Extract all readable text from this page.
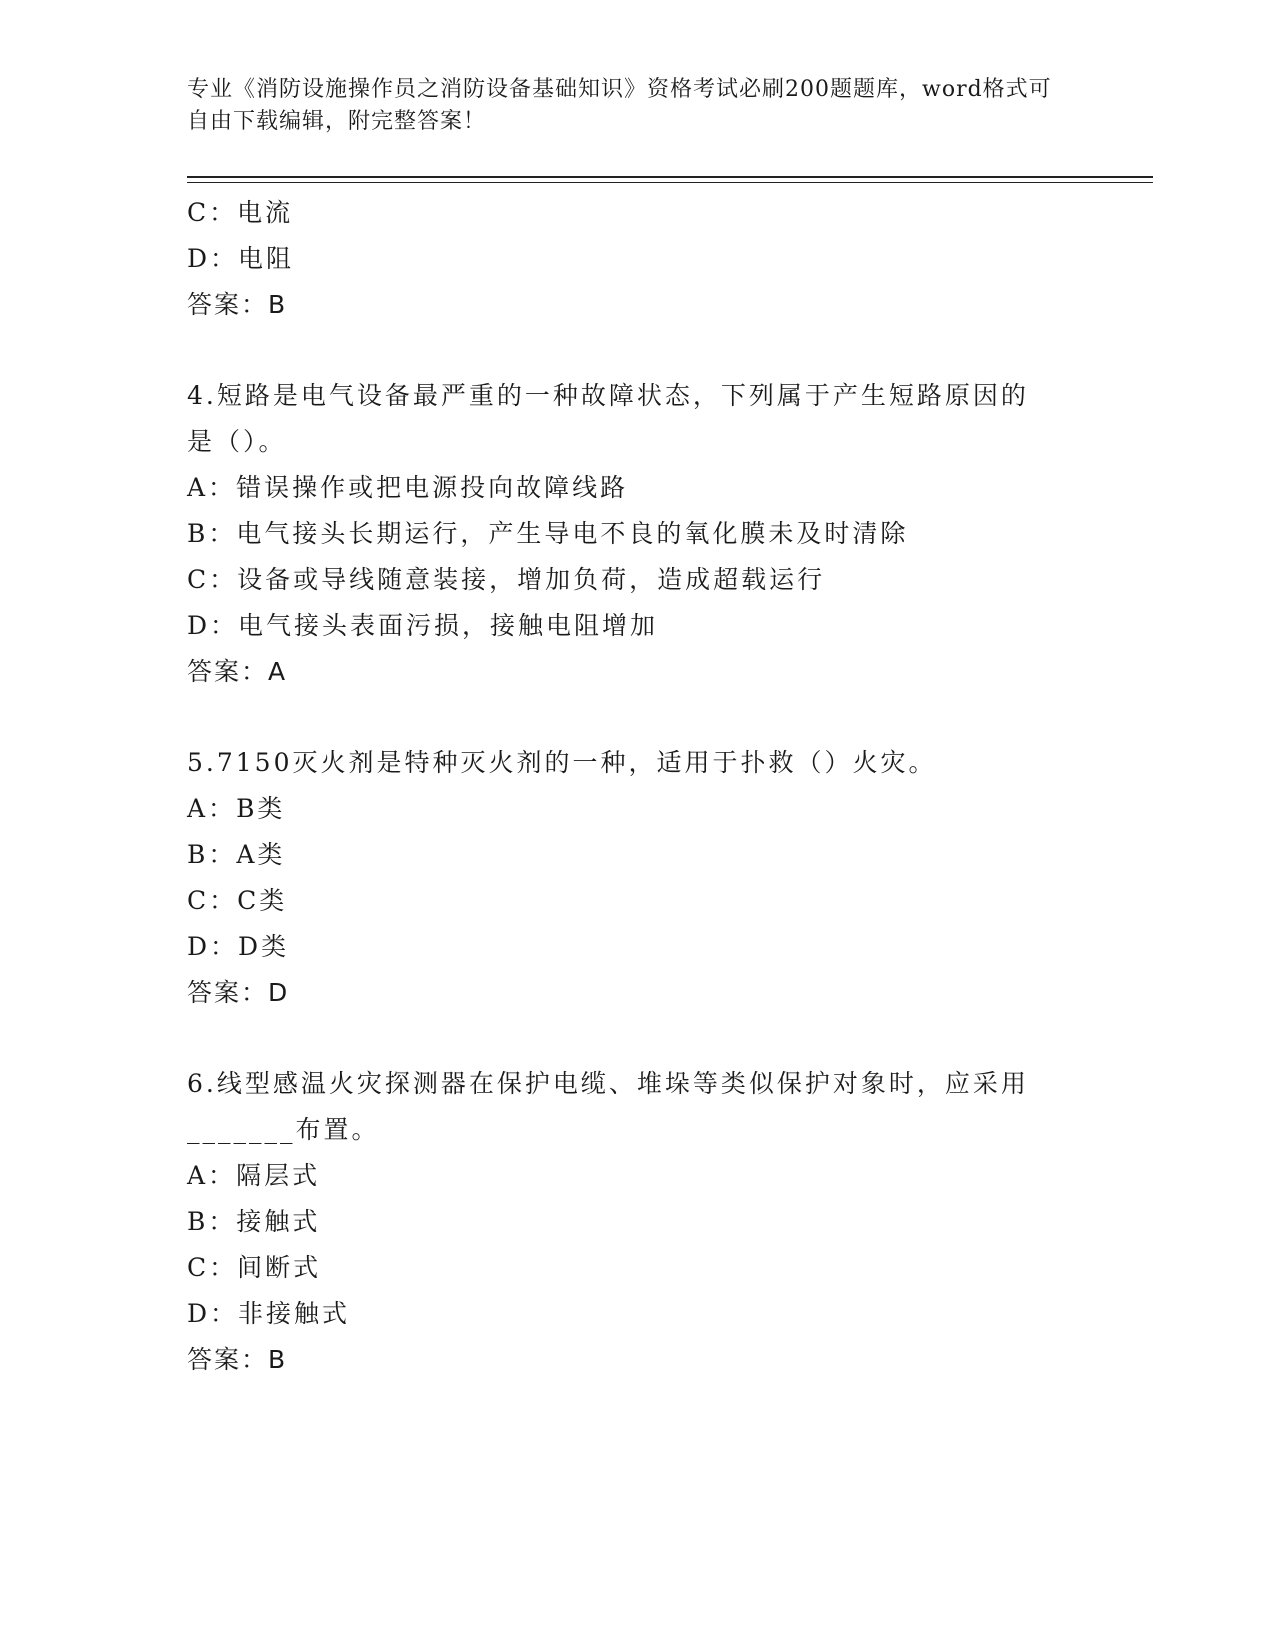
专业《消防设施操作员之消防设备基础知识》资格考试必刷200题题库，word格式可自由下载编辑，附完整答案！
C：电流
D：电阻
答案：B
4.短路是电气设备最严重的一种故障状态，下列属于产生短路原因的
是（）。
A：错误操作或把电源投向故障线路
B：电气接头长期运行，产生导电不良的氧化膜未及时清除
C：设备或导线随意装接，增加负荷，造成超载运行
D：电气接头表面污损，接触电阻增加
答案：A
5.7150灭火剂是特种灭火剂的一种，适用于扑救（）火灾。
A：B类
B：A类
C：C类
D：D类
答案：D
6.线型感温火灾探测器在保护电缆、堆垛等类似保护对象时，应采用
_______布置。
A：隔层式
B：接触式
C：间断式
D：非接触式
答案：B
